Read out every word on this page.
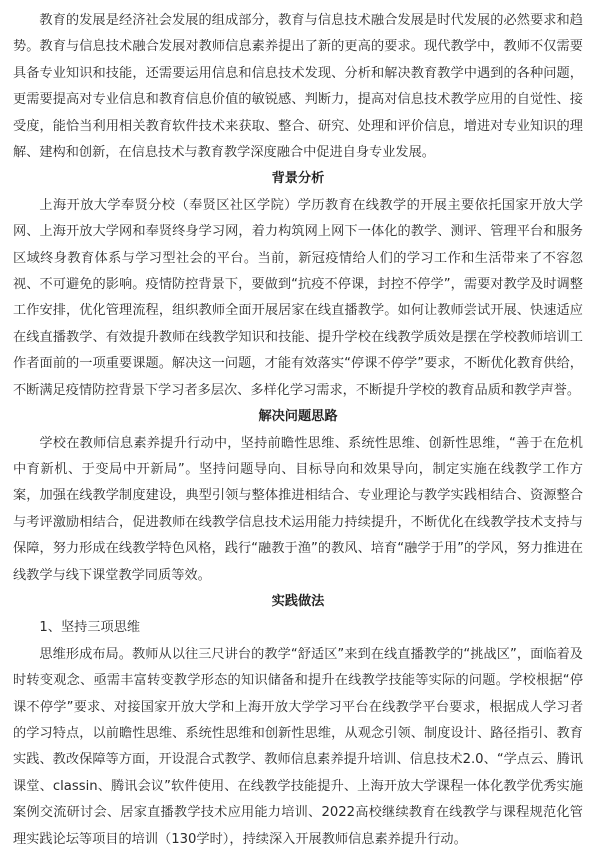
教育的发展是经济社会发展的组成部分，教育与信息技术融合发展是时代发展的必然要求和趋势。教育与信息技术融合发展对教师信息素养提出了新的更高的要求。现代教学中，教师不仅需要具备专业知识和技能，还需要运用信息和信息技术发现、分析和解决教育教学中遇到的各种问题，更需要提高对专业信息和教育信息价值的敏锐感、判断力，提高对信息技术教学应用的自觉性、接受度，能恰当利用相关教育软件技术来获取、整合、研究、处理和评价信息，增进对专业知识的理解、建构和创新，在信息技术与教育教学深度融合中促进自身专业发展。

背景分析

上海开放大学奉贤分校（奉贤区社区学院）学历教育在线教学的开展主要依托国家开放大学网、上海开放大学网和奉贤终身学习网，着力构筑网上网下一体化的教学、测评、管理平台和服务区域终身教育体系与学习型社会的平台。当前，新冠疫情给人们的学习工作和生活带来了不容忽视、不可避免的影响。疫情防控背景下，要做到“抗疫不停课，封控不停学”，需要对教学及时调整工作安排，优化管理流程，组织教师全面开展居家在线直播教学。如何让教师尝试开展、快速适应在线直播教学、有效提升教师在线教学知识和技能、提升学校在线教学质效是摆在学校教师培训工作者面前的一项重要课题。解决这一问题，才能有效落实“停课不停学”要求，不断优化教育供给，不断满足疫情防控背景下学习者多层次、多样化学习需求，不断提升学校的教育品质和教学声誉。

解决问题思路

学校在教师信息素养提升行动中，坚持前瞻性思维、系统性思维、创新性思维，“善于在危机中育新机、于变局中开新局”。坚持问题导向、目标导向和效果导向，制定实施在线教学工作方案，加强在线教学制度建设，典型引领与整体推进相结合、专业理论与教学实践相结合、资源整合与考评激励相结合，促进教师在线教学信息技术运用能力持续提升，不断优化在线教学技术支持与保障，努力形成在线教学特色风格，践行“融教于渔”的教风、培育“融学于用”的学风，努力推进在线教学与线下课堂教学同质等效。

实践做法

1、坚持三项思维

思维形成布局。教师从以往三尺讲台的教学“舒适区”来到在线直播教学的“挑战区”，面临着及时转变观念、亟需丰富转变教学形态的知识储备和提升在线教学技能等实际的问题。学校根据“停课不停学”要求、对接国家开放大学和上海开放大学学习平台在线教学平台要求，根据成人学习者的学习特点，以前瞻性思维、系统性思维和创新性思维，从观念引领、制度设计、路径指引、教育实践、教改保障等方面，开设混合式教学、教师信息素养提升培训、信息技术2.0、“学点云、腾讯课堂、classin、腾讯会议”软件使用、在线教学技能提升、上海开放大学课程一体化教学优秀实施案例交流研讨会、居家直播教学技术应用能力培训、2022高校继续教育在线教学与课程规范化管理实践论坛等项目的培训（130学时），持续深入开展教师信息素养提升行动。
